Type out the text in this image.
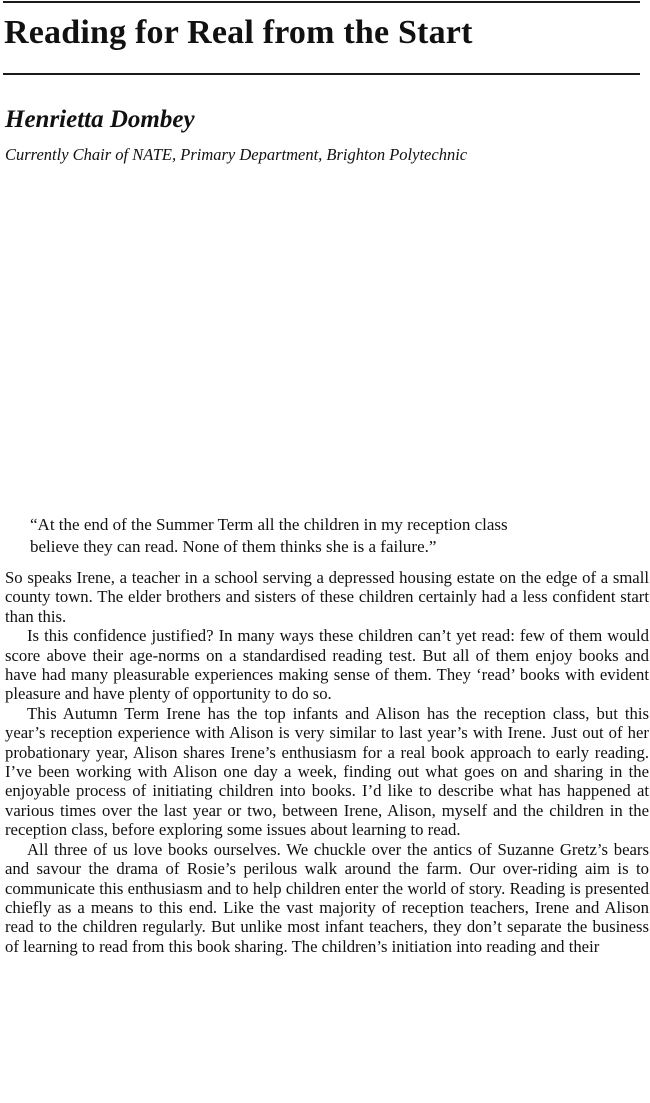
Reading for Real from the Start
Henrietta Dombey

Currently Chair of NATE, Primary Department, Brighton Polytechnic

“At the end of the Summer Term all the children in my reception class
believe they can read. None of them thinks she is a failure.”

So speaks Irene, a teacher in a school serving a depressed housing estate on the edge of a small county town. The elder brothers and sisters of these children certainly had a less confident start than this.

Is this confidence justified? In many ways these children can’t yet read: few of them would score above their age-norms on a standardised reading test. But all of them enjoy books and have had many pleasurable experiences making sense of them. They ‘read’ books with evident pleasure and have plenty of opportunity to do so.

This Autumn Term Irene has the top infants and Alison has the reception class, but this year’s reception experience with Alison is very similar to last year’s with Irene. Just out of her probationary year, Alison shares Irene’s enthusiasm for a real book approach to early reading. I’ve been working with Alison one day a week, finding out what goes on and sharing in the enjoyable process of initiating children into books. I’d like to describe what has happened at various times over the last year or two, between Irene, Alison, myself and the children in the reception class, before exploring some issues about learning to read.

All three of us love books ourselves. We chuckle over the antics of Suzanne Gretz’s bears and savour the drama of Rosie’s perilous walk around the farm. Our over-riding aim is to communicate this enthusiasm and to help children enter the world of story. Reading is presented chiefly as a means to this end. Like the vast majority of reception teachers, Irene and Alison read to the children regularly. But unlike most infant teachers, they don’t separate the business of learning to read from this book sharing. The children’s initiation into reading and their
